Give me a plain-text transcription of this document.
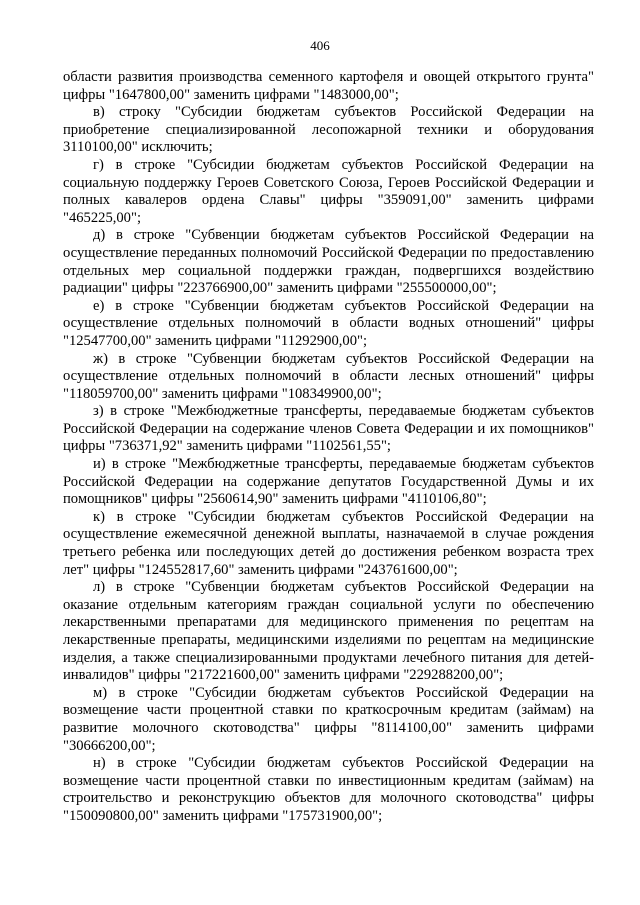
406

области развития производства семенного картофеля и овощей открытого грунта" цифры "1647800,00" заменить цифрами "1483000,00";

в) строку "Субсидии бюджетам субъектов Российской Федерации на приобретение специализированной лесопожарной техники и оборудования 3110100,00" исключить;

г) в строке "Субсидии бюджетам субъектов Российской Федерации на социальную поддержку Героев Советского Союза, Героев Российской Федерации и полных кавалеров ордена Славы" цифры "359091,00" заменить цифрами "465225,00";

д) в строке "Субвенции бюджетам субъектов Российской Федерации на осуществление переданных полномочий Российской Федерации по предоставлению отдельных мер социальной поддержки граждан, подвергшихся воздействию радиации" цифры "223766900,00" заменить цифрами "255500000,00";

е) в строке "Субвенции бюджетам субъектов Российской Федерации на осуществление отдельных полномочий в области водных отношений" цифры "12547700,00" заменить цифрами "11292900,00";

ж) в строке "Субвенции бюджетам субъектов Российской Федерации на осуществление отдельных полномочий в области лесных отношений" цифры "118059700,00" заменить цифрами "108349900,00";

з) в строке "Межбюджетные трансферты, передаваемые бюджетам субъектов Российской Федерации на содержание членов Совета Федерации и их помощников" цифры "736371,92" заменить цифрами "1102561,55";

и) в строке "Межбюджетные трансферты, передаваемые бюджетам субъектов Российской Федерации на содержание депутатов Государственной Думы и их помощников" цифры "2560614,90" заменить цифрами "4110106,80";

к) в строке "Субсидии бюджетам субъектов Российской Федерации на осуществление ежемесячной денежной выплаты, назначаемой в случае рождения третьего ребенка или последующих детей до достижения ребенком возраста трех лет" цифры "124552817,60" заменить цифрами "243761600,00";

л) в строке "Субвенции бюджетам субъектов Российской Федерации на оказание отдельным категориям граждан социальной услуги по обеспечению лекарственными препаратами для медицинского применения по рецептам на лекарственные препараты, медицинскими изделиями по рецептам на медицинские изделия, а также специализированными продуктами лечебного питания для детей-инвалидов" цифры "217221600,00" заменить цифрами "229288200,00";

м) в строке "Субсидии бюджетам субъектов Российской Федерации на возмещение части процентной ставки по краткосрочным кредитам (займам) на развитие молочного скотоводства" цифры "8114100,00" заменить цифрами "30666200,00";

н) в строке "Субсидии бюджетам субъектов Российской Федерации на возмещение части процентной ставки по инвестиционным кредитам (займам) на строительство и реконструкцию объектов для молочного скотоводства" цифры "150090800,00" заменить цифрами "175731900,00";
